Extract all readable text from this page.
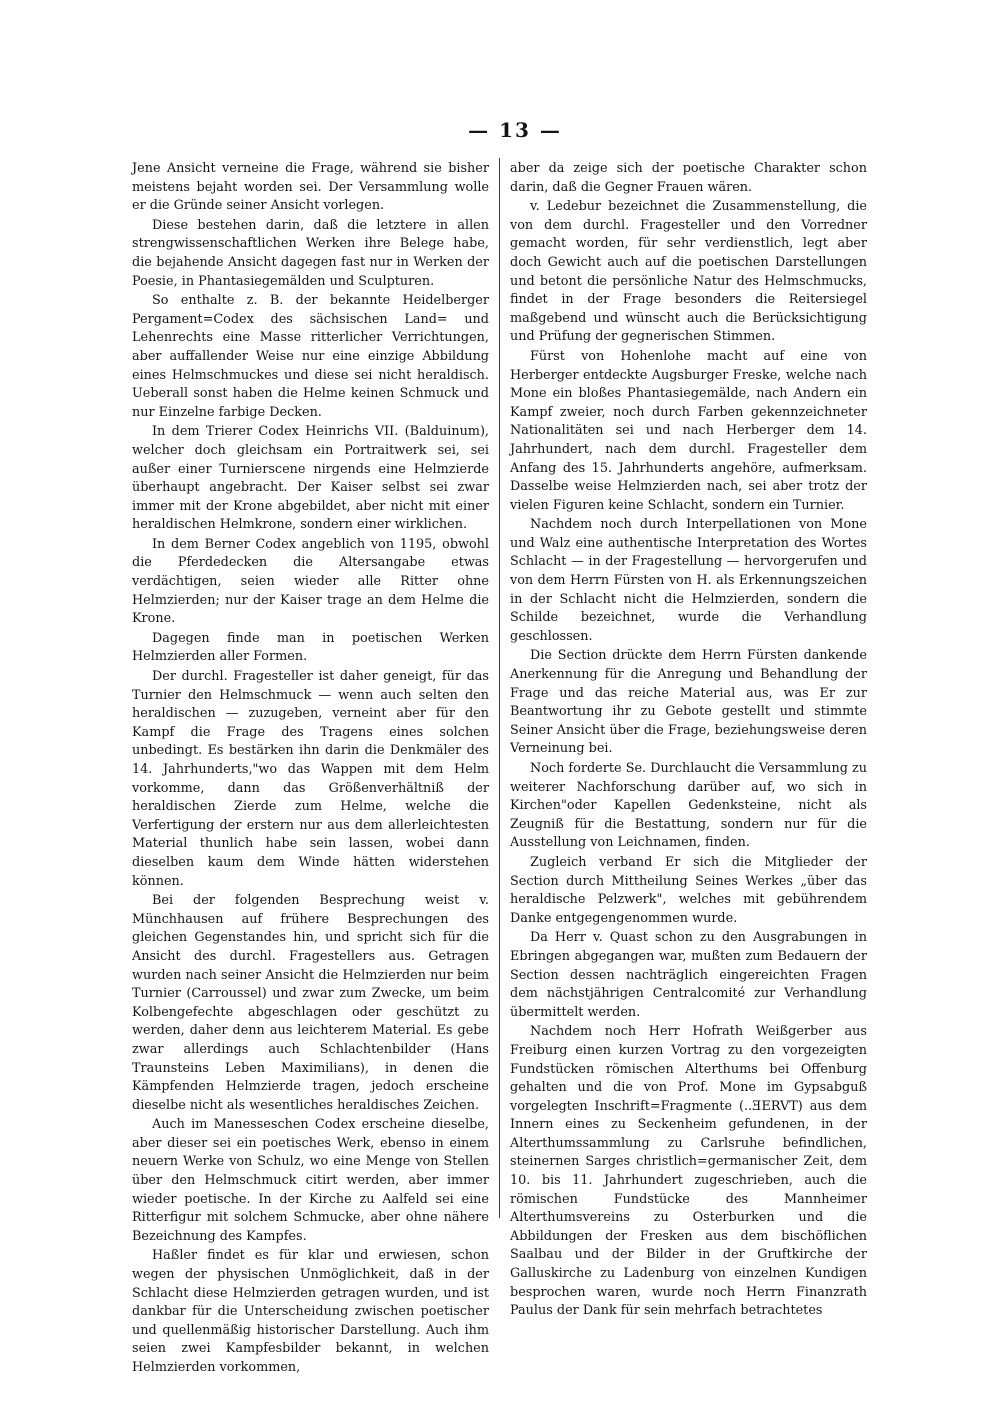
— 13 —

Jene Ansicht verneine die Frage, während sie bisher meistens bejaht worden sei. Der Versammlung wolle er die Gründe seiner Ansicht vorlegen.

Diese bestehen darin, daß die letztere in allen strengwissenschaftlichen Werken ihre Belege habe, die bejahende Ansicht dagegen fast nur in Werken der Poesie, in Phantasiegemälden und Sculpturen.

So enthalte z. B. der bekannte Heidelberger Pergament=Codex des sächsischen Land= und Lehenrechts eine Masse ritterlicher Verrichtungen, aber auffallender Weise nur eine einzige Abbildung eines Helmschmuckes und diese sei nicht heraldisch. Ueberall sonst haben die Helme keinen Schmuck und nur Einzelne farbige Decken.

In dem Trierer Codex Heinrichs VII. (Balduinum), welcher doch gleichsam ein Portraitwerk sei, sei außer einer Turnierscene nirgends eine Helmzierde überhaupt angebracht. Der Kaiser selbst sei zwar immer mit der Krone abgebildet, aber nicht mit einer heraldischen Helmkrone, sondern einer wirklichen.

In dem Berner Codex angeblich von 1195, obwohl die Pferdedecken die Altersangabe etwas verdächtigen, seien wieder alle Ritter ohne Helmzierden; nur der Kaiser trage an dem Helme die Krone.

Dagegen finde man in poetischen Werken Helmzierden aller Formen.

Der durchl. Fragesteller ist daher geneigt, für das Turnier den Helmschmuck — wenn auch selten den heraldischen — zuzugeben, verneint aber für den Kampf die Frage des Tragens eines solchen unbedingt. Es bestärken ihn darin die Denkmäler des 14. Jahrhunderts,"wo das Wappen mit dem Helm vorkomme, dann das Größenverhältniß der heraldischen Zierde zum Helme, welche die Verfertigung der erstern nur aus dem allerleichtesten Material thunlich habe sein lassen, wobei dann dieselben kaum dem Winde hätten widerstehen können.

Bei der folgenden Besprechung weist v. Münchhausen auf frühere Besprechungen des gleichen Gegenstandes hin, und spricht sich für die Ansicht des durchl. Fragestellers aus. Getragen wurden nach seiner Ansicht die Helmzierden nur beim Turnier (Carroussel) und zwar zum Zwecke, um beim Kolbengefechte abgeschlagen oder geschützt zu werden, daher denn aus leichterem Material. Es gebe zwar allerdings auch Schlachtenbilder (Hans Traunsteins Leben Maximilians), in denen die Kämpfenden Helmzierde tragen, jedoch erscheine dieselbe nicht als wesentliches heraldisches Zeichen.

Auch im Manesseschen Codex erscheine dieselbe, aber dieser sei ein poetisches Werk, ebenso in einem neuern Werke von Schulz, wo eine Menge von Stellen über den Helmschmuck citirt werden, aber immer wieder poetische. In der Kirche zu Aalfeld sei eine Ritterfigur mit solchem Schmucke, aber ohne nähere Bezeichnung des Kampfes.

Haßler findet es für klar und erwiesen, schon wegen der physischen Unmöglichkeit, daß in der Schlacht diese Helmzierden getragen wurden, und ist dankbar für die Unterscheidung zwischen poetischer und quellenmäßig historischer Darstellung. Auch ihm seien zwei Kampfesbilder bekannt, in welchen Helmzierden vorkommen,

aber da zeige sich der poetische Charakter schon darin, daß die Gegner Frauen wären.

v. Ledebur bezeichnet die Zusammenstellung, die von dem durchl. Fragesteller und den Vorredner gemacht worden, für sehr verdienstlich, legt aber doch Gewicht auch auf die poetischen Darstellungen und betont die persönliche Natur des Helmschmucks, findet in der Frage besonders die Reitersiegel maßgebend und wünscht auch die Berücksichtigung und Prüfung der gegnerischen Stimmen.

Fürst von Hohenlohe macht auf eine von Herberger entdeckte Augsburger Freske, welche nach Mone ein bloßes Phantasiegemälde, nach Andern ein Kampf zweier, noch durch Farben gekennzeichneter Nationalitäten sei und nach Herberger dem 14. Jahrhundert, nach dem durchl. Fragesteller dem Anfang des 15. Jahrhunderts angehöre, aufmerksam. Dasselbe weise Helmzierden nach, sei aber trotz der vielen Figuren keine Schlacht, sondern ein Turnier.

Nachdem noch durch Interpellationen von Mone und Walz eine authentische Interpretation des Wortes Schlacht — in der Fragestellung — hervorgerufen und von dem Herrn Fürsten von H. als Erkennungszeichen in der Schlacht nicht die Helmzierden, sondern die Schilde bezeichnet, wurde die Verhandlung geschlossen.

Die Section drückte dem Herrn Fürsten dankende Anerkennung für die Anregung und Behandlung der Frage und das reiche Material aus, was Er zur Beantwortung ihr zu Gebote gestellt und stimmte Seiner Ansicht über die Frage, beziehungsweise deren Verneinung bei.

Noch forderte Se. Durchlaucht die Versammlung zu weiterer Nachforschung darüber auf, wo sich in Kirchen"oder Kapellen Gedenksteine, nicht als Zeugniß für die Bestattung, sondern nur für die Ausstellung von Leichnamen, finden.

Zugleich verband Er sich die Mitglieder der Section durch Mittheilung Seines Werkes „über das heraldische Pelzwerk", welches mit gebührendem Danke entgegengenommen wurde.

Da Herr v. Quast schon zu den Ausgrabungen in Ebringen abgegangen war, mußten zum Bedauern der Section dessen nachträglich eingereichten Fragen dem nächstjährigen Centralcomité zur Verhandlung übermittelt werden.

Nachdem noch Herr Hofrath Weißgerber aus Freiburg einen kurzen Vortrag zu den vorgezeigten Fundstücken römischen Alterthums bei Offenburg gehalten und die von Prof. Mone im Gypsabguß vorgelegten Inschrift=Fragmente (..ƎERVT) aus dem Innern eines zu Seckenheim gefundenen, in der Alterthumssammlung zu Carlsruhe befindlichen, steinernen Sarges christlich=germanischer Zeit, dem 10. bis 11. Jahrhundert zugeschrieben, auch die römischen Fundstücke des Mannheimer Alterthumsvereins zu Osterburken und die Abbildungen der Fresken aus dem bischöflichen Saalbau und der Bilder in der Gruftkirche der Galluskirche zu Ladenburg von einzelnen Kundigen besprochen waren, wurde noch Herrn Finanzrath Paulus der Dank für sein mehrfach betrachtetes
